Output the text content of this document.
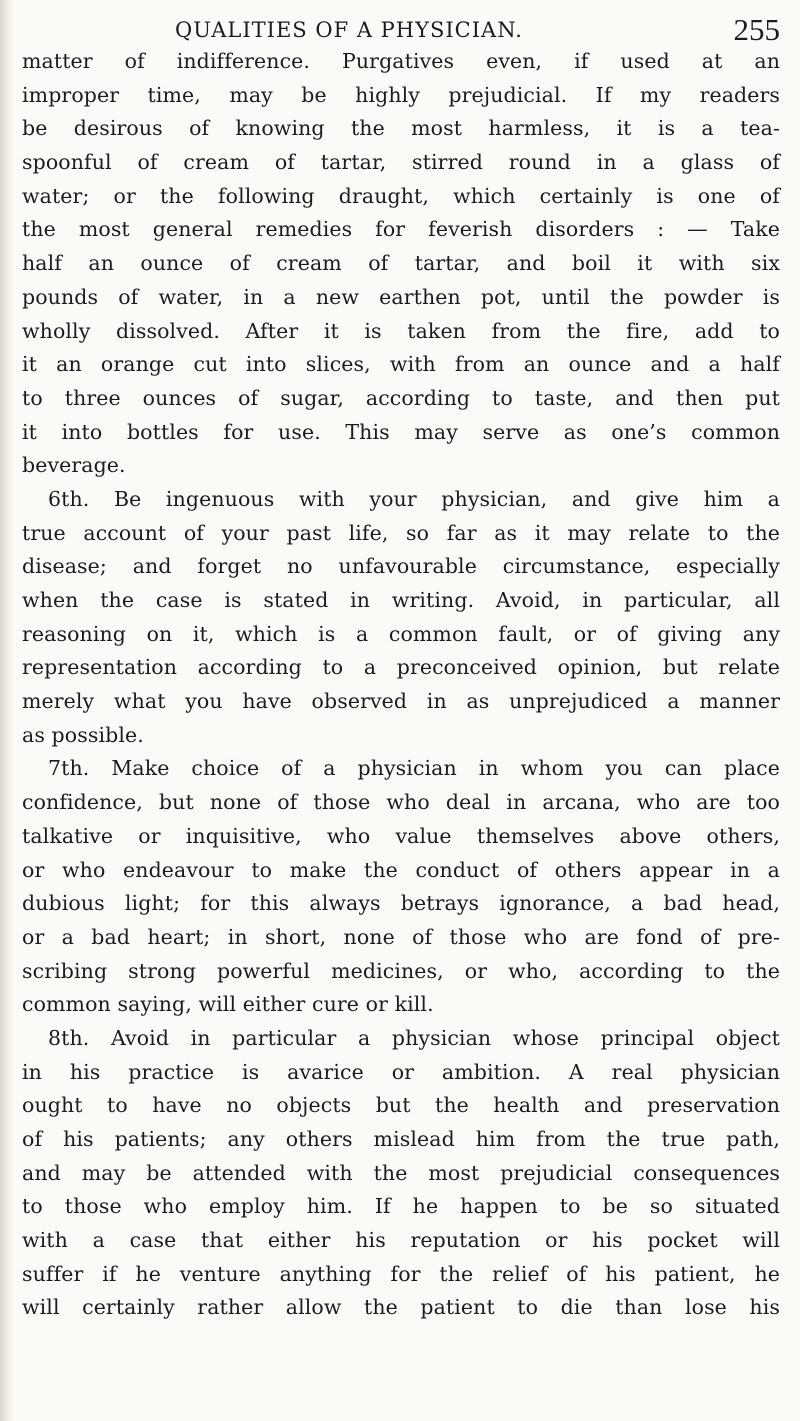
QUALITIES OF A PHYSICIAN.	255
matter of indifference. Purgatives even, if used at an
improper time, may be highly prejudicial. If my readers
be desirous of knowing the most harmless, it is a tea-
spoonful of cream of tartar, stirred round in a glass of
water; or the following draught, which certainly is one of
the most general remedies for feverish disorders : — Take
half an ounce of cream of tartar, and boil it with six
pounds of water, in a new earthen pot, until the powder is
wholly dissolved. After it is taken from the fire, add to
it an orange cut into slices, with from an ounce and a half
to three ounces of sugar, according to taste, and then put
it into bottles for use. This may serve as one’s common
beverage.
6th. Be ingenuous with your physician, and give him a
true account of your past life, so far as it may relate to the
disease; and forget no unfavourable circumstance, especially
when the case is stated in writing. Avoid, in particular, all
reasoning on it, which is a common fault, or of giving any
representation according to a preconceived opinion, but relate
merely what you have observed in as unprejudiced a manner
as possible.
7th. Make choice of a physician in whom you can place
confidence, but none of those who deal in arcana, who are too
talkative or inquisitive, who value themselves above others,
or who endeavour to make the conduct of others appear in a
dubious light; for this always betrays ignorance, a bad head,
or a bad heart; in short, none of those who are fond of pre-
scribing strong powerful medicines, or who, according to the
common saying, will either cure or kill.
8th. Avoid in particular a physician whose principal object
in his practice is avarice or ambition. A real physician
ought to have no objects but the health and preservation
of his patients; any others mislead him from the true path,
and may be attended with the most prejudicial consequences
to those who employ him. If he happen to be so situated
with a case that either his reputation or his pocket will
suffer if he venture anything for the relief of his patient, he
will certainly rather allow the patient to die than lose his
